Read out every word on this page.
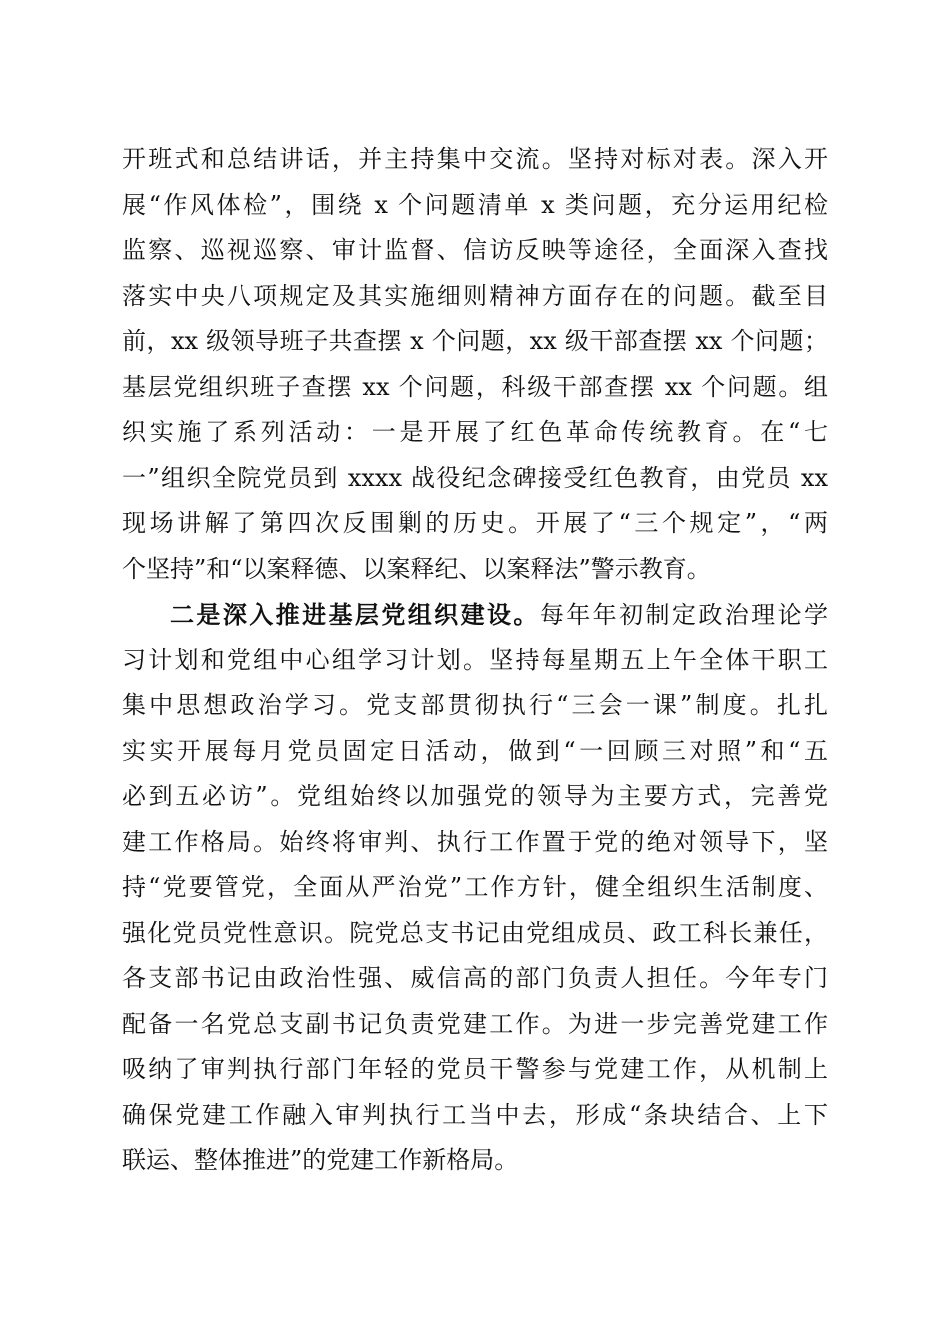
开班式和总结讲话，并主持集中交流。坚持对标对表。深入开
展“作风体检”，围绕 x 个问题清单 x 类问题，充分运用纪检
监察、巡视巡察、审计监督、信访反映等途径，全面深入查找
落实中央八项规定及其实施细则精神方面存在的问题。截至目
前，xx 级领导班子共查摆 x 个问题，xx 级干部查摆 xx 个问题；
基层党组织班子查摆 xx 个问题，科级干部查摆 xx 个问题。组
织实施了系列活动：一是开展了红色革命传统教育。在“七
一”组织全院党员到 xxxx 战役纪念碑接受红色教育，由党员 xx
现场讲解了第四次反围剿的历史。开展了“三个规定”，“两
个坚持”和“以案释德、以案释纪、以案释法”警示教育。
二是深入推进基层党组织建设。每年年初制定政治理论学
习计划和党组中心组学习计划。坚持每星期五上午全体干职工
集中思想政治学习。党支部贯彻执行“三会一课”制度。扎扎
实实开展每月党员固定日活动，做到“一回顾三对照”和“五
必到五必访”。党组始终以加强党的领导为主要方式，完善党
建工作格局。始终将审判、执行工作置于党的绝对领导下，坚
持“党要管党，全面从严治党”工作方针，健全组织生活制度、
强化党员党性意识。院党总支书记由党组成员、政工科长兼任，
各支部书记由政治性强、威信高的部门负责人担任。今年专门
配备一名党总支副书记负责党建工作。为进一步完善党建工作
吸纳了审判执行部门年轻的党员干警参与党建工作，从机制上
确保党建工作融入审判执行工当中去，形成“条块结合、上下
联运、整体推进”的党建工作新格局。
